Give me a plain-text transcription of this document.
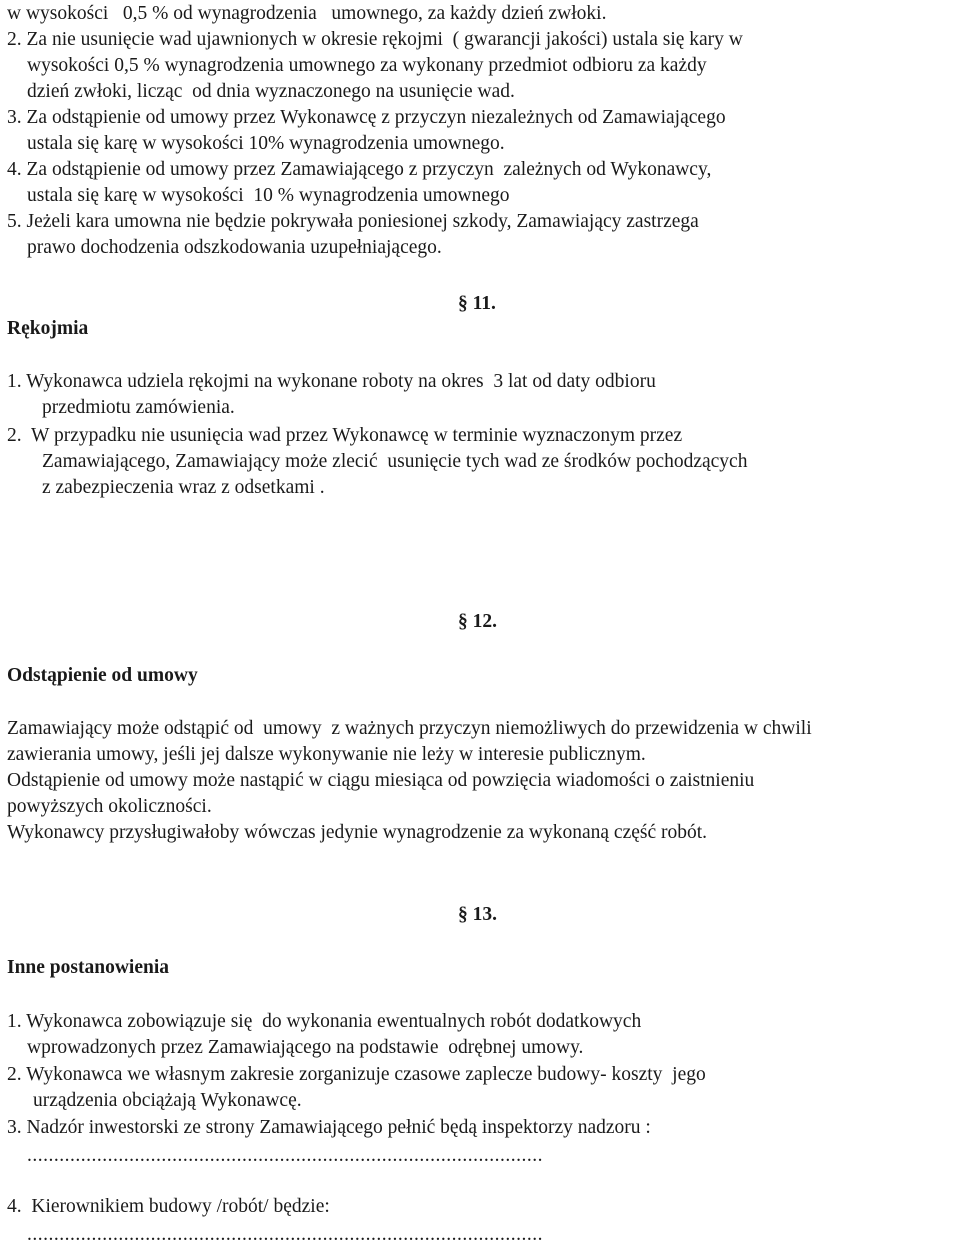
w wysokości   0,5 % od wynagrodzenia   umownego, za każdy dzień zwłoki.
2. Za nie usunięcie wad ujawnionych w okresie rękojmi  ( gwarancji jakości) ustala się kary w
wysokości 0,5 % wynagrodzenia umownego za wykonany przedmiot odbioru za każdy
dzień zwłoki, licząc  od dnia wyznaczonego na usunięcie wad.
3. Za odstąpienie od umowy przez Wykonawcę z przyczyn niezależnych od Zamawiającego
ustala się karę w wysokości 10% wynagrodzenia umownego.
4. Za odstąpienie od umowy przez Zamawiającego z przyczyn  zależnych od Wykonawcy,
ustala się karę w wysokości  10 % wynagrodzenia umownego
5. Jeżeli kara umowna nie będzie pokrywała poniesionej szkody, Zamawiający zastrzega
prawo dochodzenia odszkodowania uzupełniającego.
§ 11.
Rękojmia
1. Wykonawca udziela rękojmi na wykonane roboty na okres  3 lat od daty odbioru
przedmiotu zamówienia.
2.  W przypadku nie usunięcia wad przez Wykonawcę w terminie wyznaczonym przez
Zamawiającego, Zamawiający może zlecić  usunięcie tych wad ze środków pochodzących
z zabezpieczenia wraz z odsetkami .
§ 12.
Odstąpienie od umowy
Zamawiający może odstąpić od  umowy  z ważnych przyczyn niemożliwych do przewidzenia w chwili
zawierania umowy, jeśli jej dalsze wykonywanie nie leży w interesie publicznym.
Odstąpienie od umowy może nastąpić w ciągu miesiąca od powzięcia wiadomości o zaistnieniu
powyższych okoliczności.
Wykonawcy przysługiwałoby wówczas jedynie wynagrodzenie za wykonaną część robót.
§ 13.
Inne postanowienia
1. Wykonawca zobowiązuje się  do wykonania ewentualnych robót dodatkowych
wprowadzonych przez Zamawiającego na podstawie  odrębnej umowy.
2. Wykonawca we własnym zakresie zorganizuje czasowe zaplecze budowy- koszty  jego
urządzenia obciążają Wykonawcę.
3. Nadzór inwestorski ze strony Zamawiającego pełnić będą inspektorzy nadzoru :
................................................................................................
4.  Kierownikiem budowy /robót/ będzie:
................................................................................................
